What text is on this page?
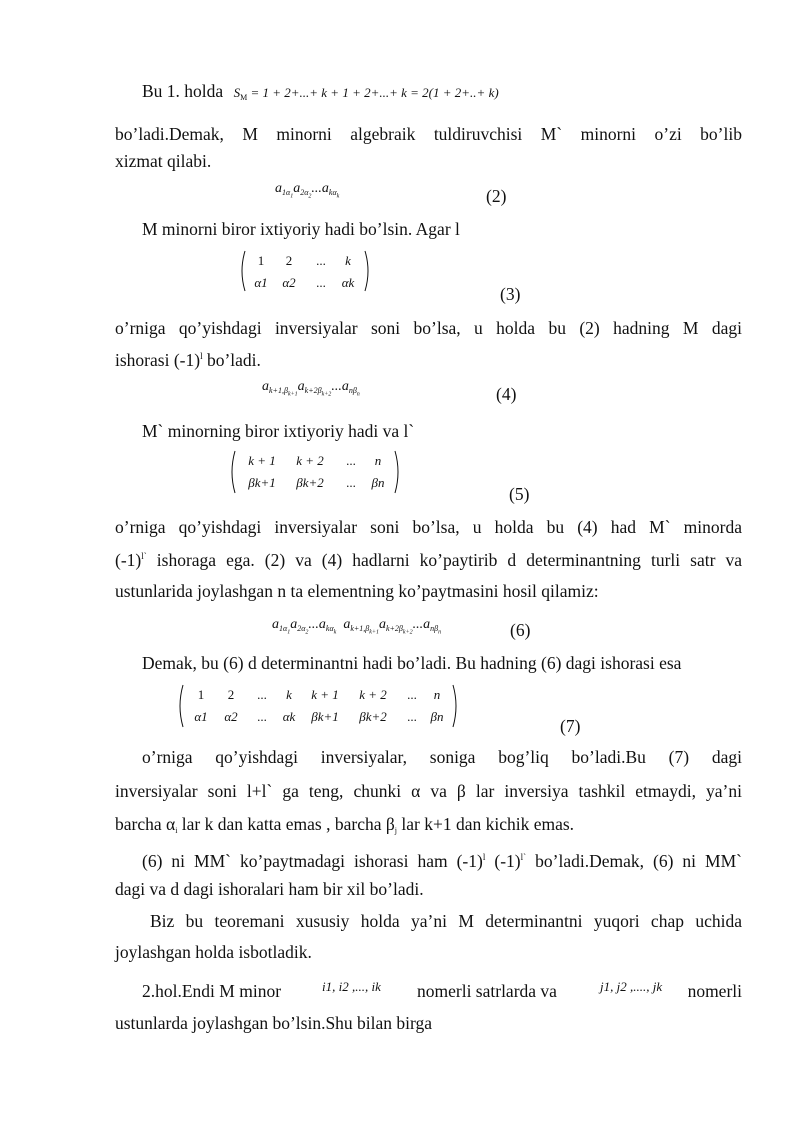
Bu 1. holda $S_M = 1 + 2+...+ k + 1 + 2+...+ k = 2(1 + 2+..+ k)$
bo’ladi.Demak, M minorni algebraik tuldiruvchisi M` minorni o’zi bo’lib
xizmat qilabi.
$a_{1\alpha_1}a_{2\alpha_2}...a_{k\alpha_k}$	(2)
M minorni biror ixtiyoriy hadi bo’lsin. Agar l
1	2	...	k
α1	α2	...	αk
(3)
o’rniga qo’yishdagi inversiyalar soni bo’lsa, u holda bu (2) hadning M dagi
ishorasi $(-1)^l$ bo’ladi.
$a_{k+1,\beta_{k+1}}a_{k+2\beta_{k+2}}...a_{n\beta_n}$	(4)
M` minorning biror ixtiyoriy hadi va l`
k + 1	k + 2	...	n
βk+1	βk+2	...	βn
(5)
o’rniga qo’yishdagi inversiyalar soni bo’lsa, u holda bu (4) had M` minorda
$(-1)^{l`}$ ishoraga ega. (2) va (4) hadlarni ko’paytirib d determinantning turli satr va
ustunlarida joylashgan n ta elementning ko’paytmasini hosil qilamiz:
$a_{1\alpha_1}a_{2\alpha_2}...a_{k\alpha_k}$  $a_{k+1,\beta_{k+1}}a_{k+2\beta_{k+2}}...a_{n\beta_n}$	(6)
Demak, bu (6) d determinantni hadi bo’ladi. Bu hadning (6) dagi ishorasi esa
1	2	...	k	k + 1	k + 2	...	n
α1	α2	...	αk	βk+1	βk+2	...	βn	(7)
o’rniga qo’yishdagi inversiyalar, soniga bog’liq bo’ladi.Bu (7) dagi
inversiyalar soni l+l` ga teng, chunki α va β lar inversiya tashkil etmaydi, ya’ni
barcha $\alpha_i$ lar k dan katta emas , barcha $\beta_j$ lar k+1 dan kichik emas.
(6) ni MM` ko’paytmadagi ishorasi ham $(-1)^l$ $(-1)^{l`}$ bo’ladi.Demak, (6) ni MM`
dagi va d dagi ishoralari ham bir xil bo’ladi.
Biz bu teoremani xususiy holda ya’ni M determinantni yuqori chap uchida
joylashgan holda isbotladik.
2.hol.Endi M minor	i1, i2 ,..., ik nomerli satrlarda va	j1, j2 ,...., jk nomerli
ustunlarda joylashgan bo’lsin.Shu bilan birga
